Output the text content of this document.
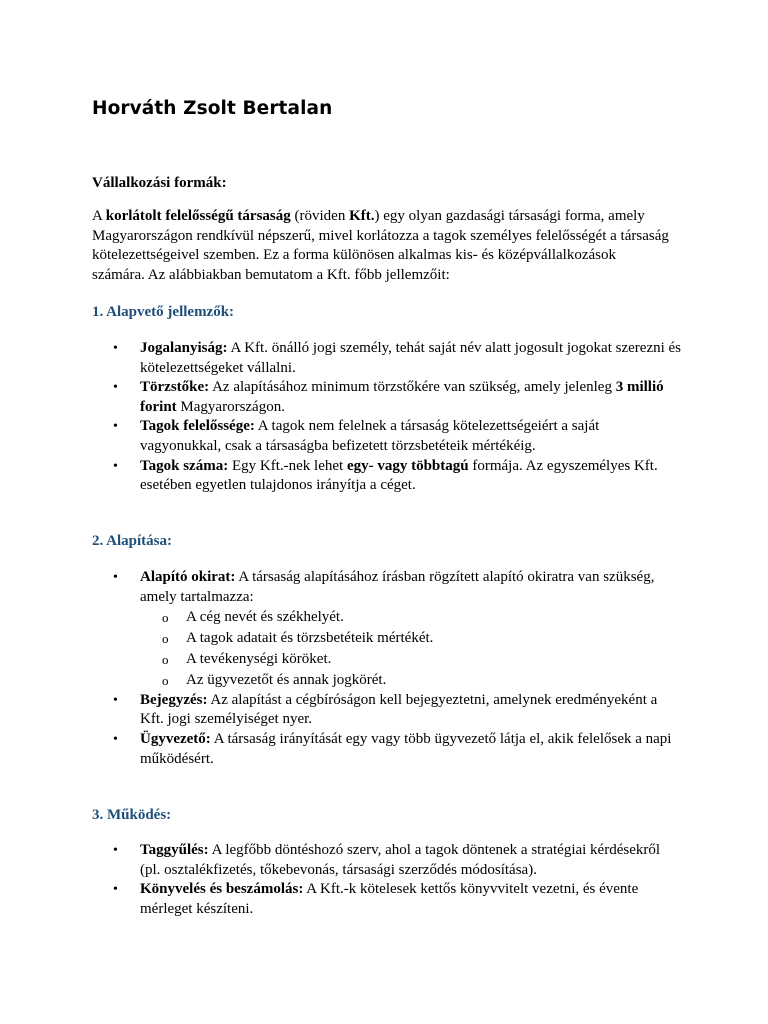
Horváth Zsolt Bertalan
Vállalkozási formák:
A korlátolt felelősségű társaság (röviden Kft.) egy olyan gazdasági társasági forma, amely Magyarországon rendkívül népszerű, mivel korlátozza a tagok személyes felelősségét a társaság kötelezettségeivel szemben. Ez a forma különösen alkalmas kis- és középvállalkozások számára. Az alábbiakban bemutatom a Kft. főbb jellemzőit:
1. Alapvető jellemzők:
• Jogalanyiság: A Kft. önálló jogi személy, tehát saját név alatt jogosult jogokat szerezni és kötelezettségeket vállalni.
• Törzstőke: Az alapításához minimum törzstőkére van szükség, amely jelenleg 3 millió forint Magyarországon.
• Tagok felelőssége: A tagok nem felelnek a társaság kötelezettségeiért a saját vagyonukkal, csak a társaságba befizetett törzsbetéteik mértékéig.
• Tagok száma: Egy Kft.-nek lehet egy- vagy többtagú formája. Az egyszemélyes Kft. esetében egyetlen tulajdonos irányítja a céget.
2. Alapítása:
• Alapító okirat: A társaság alapításához írásban rögzített alapító okiratra van szükség, amely tartalmazza:
o A cég nevét és székhelyét.
o A tagok adatait és törzsbetéteik mértékét.
o A tevékenységi köröket.
o Az ügyvezetőt és annak jogkörét.
• Bejegyzés: Az alapítást a cégbíróságon kell bejegyeztetni, amelynek eredményeként a Kft. jogi személyiséget nyer.
• Ügyvezető: A társaság irányítását egy vagy több ügyvezető látja el, akik felelősek a napi működésért.
3. Működés:
• Taggyűlés: A legfőbb döntéshozó szerv, ahol a tagok döntenek a stratégiai kérdésekről (pl. osztalékfizetés, tőkebevonás, társasági szerződés módosítása).
• Könyvelés és beszámolás: A Kft.-k kötelesek kettős könyvvitelt vezetni, és évente mérleget készíteni.
